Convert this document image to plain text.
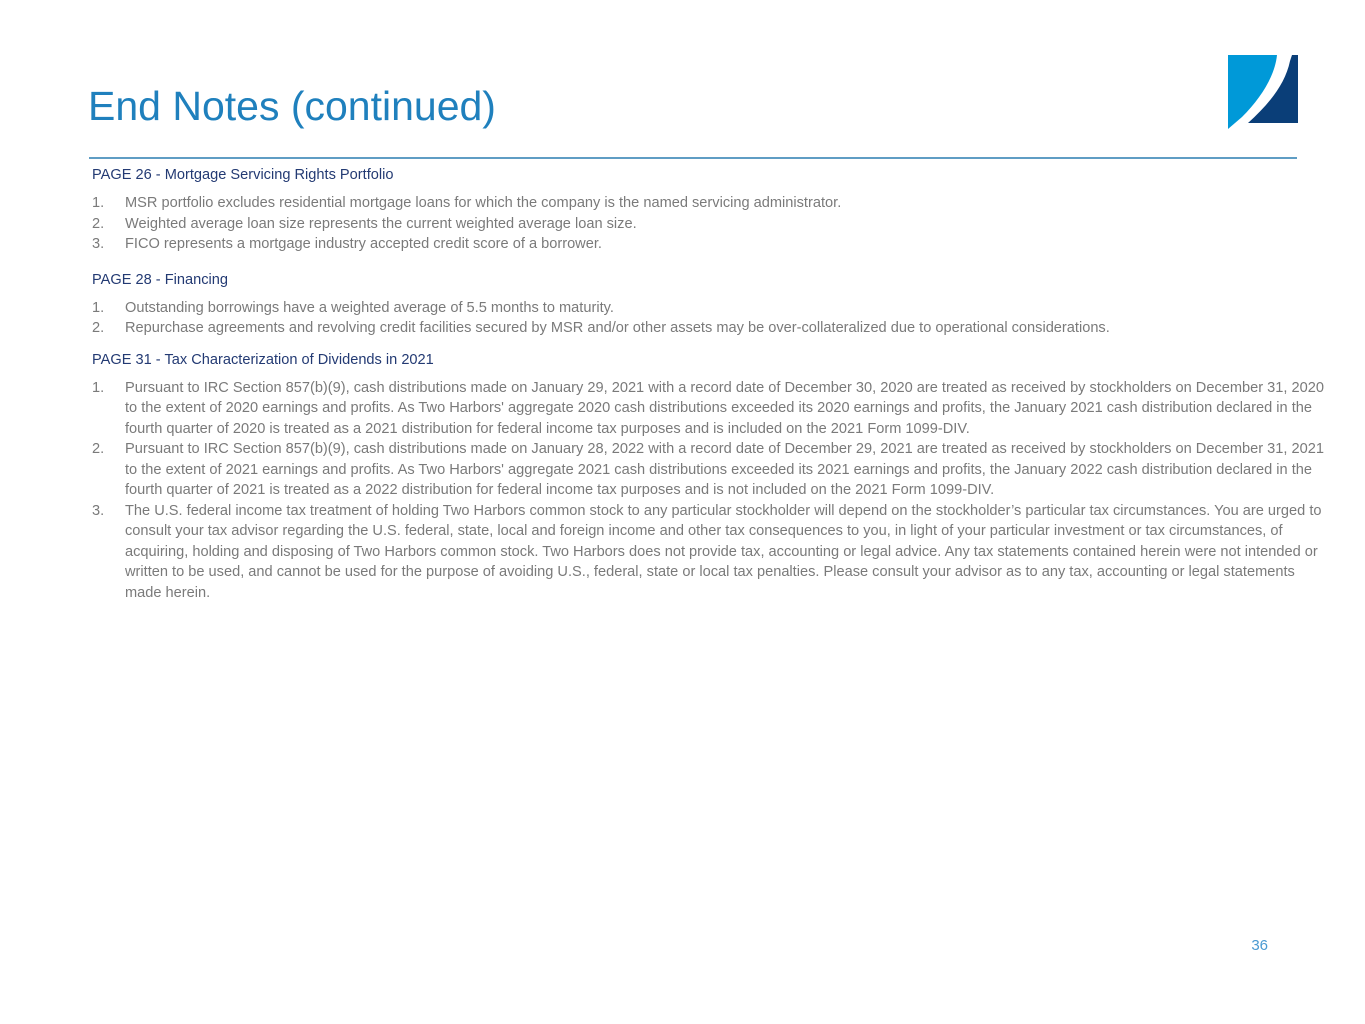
End Notes (continued)
PAGE 26 - Mortgage Servicing Rights Portfolio
1. MSR portfolio excludes residential mortgage loans for which the company is the named servicing administrator.
2. Weighted average loan size represents the current weighted average loan size.
3. FICO represents a mortgage industry accepted credit score of a borrower.
PAGE 28 - Financing
1. Outstanding borrowings have a weighted average of 5.5 months to maturity.
2. Repurchase agreements and revolving credit facilities secured by MSR and/or other assets may be over-collateralized due to operational considerations.
PAGE 31 - Tax Characterization of Dividends in 2021
1. Pursuant to IRC Section 857(b)(9), cash distributions made on January 29, 2021 with a record date of December 30, 2020 are treated as received by stockholders on December 31, 2020 to the extent of 2020 earnings and profits. As Two Harbors' aggregate 2020 cash distributions exceeded its 2020 earnings and profits, the January 2021 cash distribution declared in the fourth quarter of 2020 is treated as a 2021 distribution for federal income tax purposes and is included on the 2021 Form 1099-DIV.
2. Pursuant to IRC Section 857(b)(9), cash distributions made on January 28, 2022 with a record date of December 29, 2021 are treated as received by stockholders on December 31, 2021 to the extent of 2021 earnings and profits. As Two Harbors' aggregate 2021 cash distributions exceeded its 2021 earnings and profits, the January 2022 cash distribution declared in the fourth quarter of 2021 is treated as a 2022 distribution for federal income tax purposes and is not included on the 2021 Form 1099-DIV.
3. The U.S. federal income tax treatment of holding Two Harbors common stock to any particular stockholder will depend on the stockholder’s particular tax circumstances. You are urged to consult your tax advisor regarding the U.S. federal, state, local and foreign income and other tax consequences to you, in light of your particular investment or tax circumstances, of acquiring, holding and disposing of Two Harbors common stock. Two Harbors does not provide tax, accounting or legal advice. Any tax statements contained herein were not intended or written to be used, and cannot be used for the purpose of avoiding U.S., federal, state or local tax penalties. Please consult your advisor as to any tax, accounting or legal statements made herein.
36
